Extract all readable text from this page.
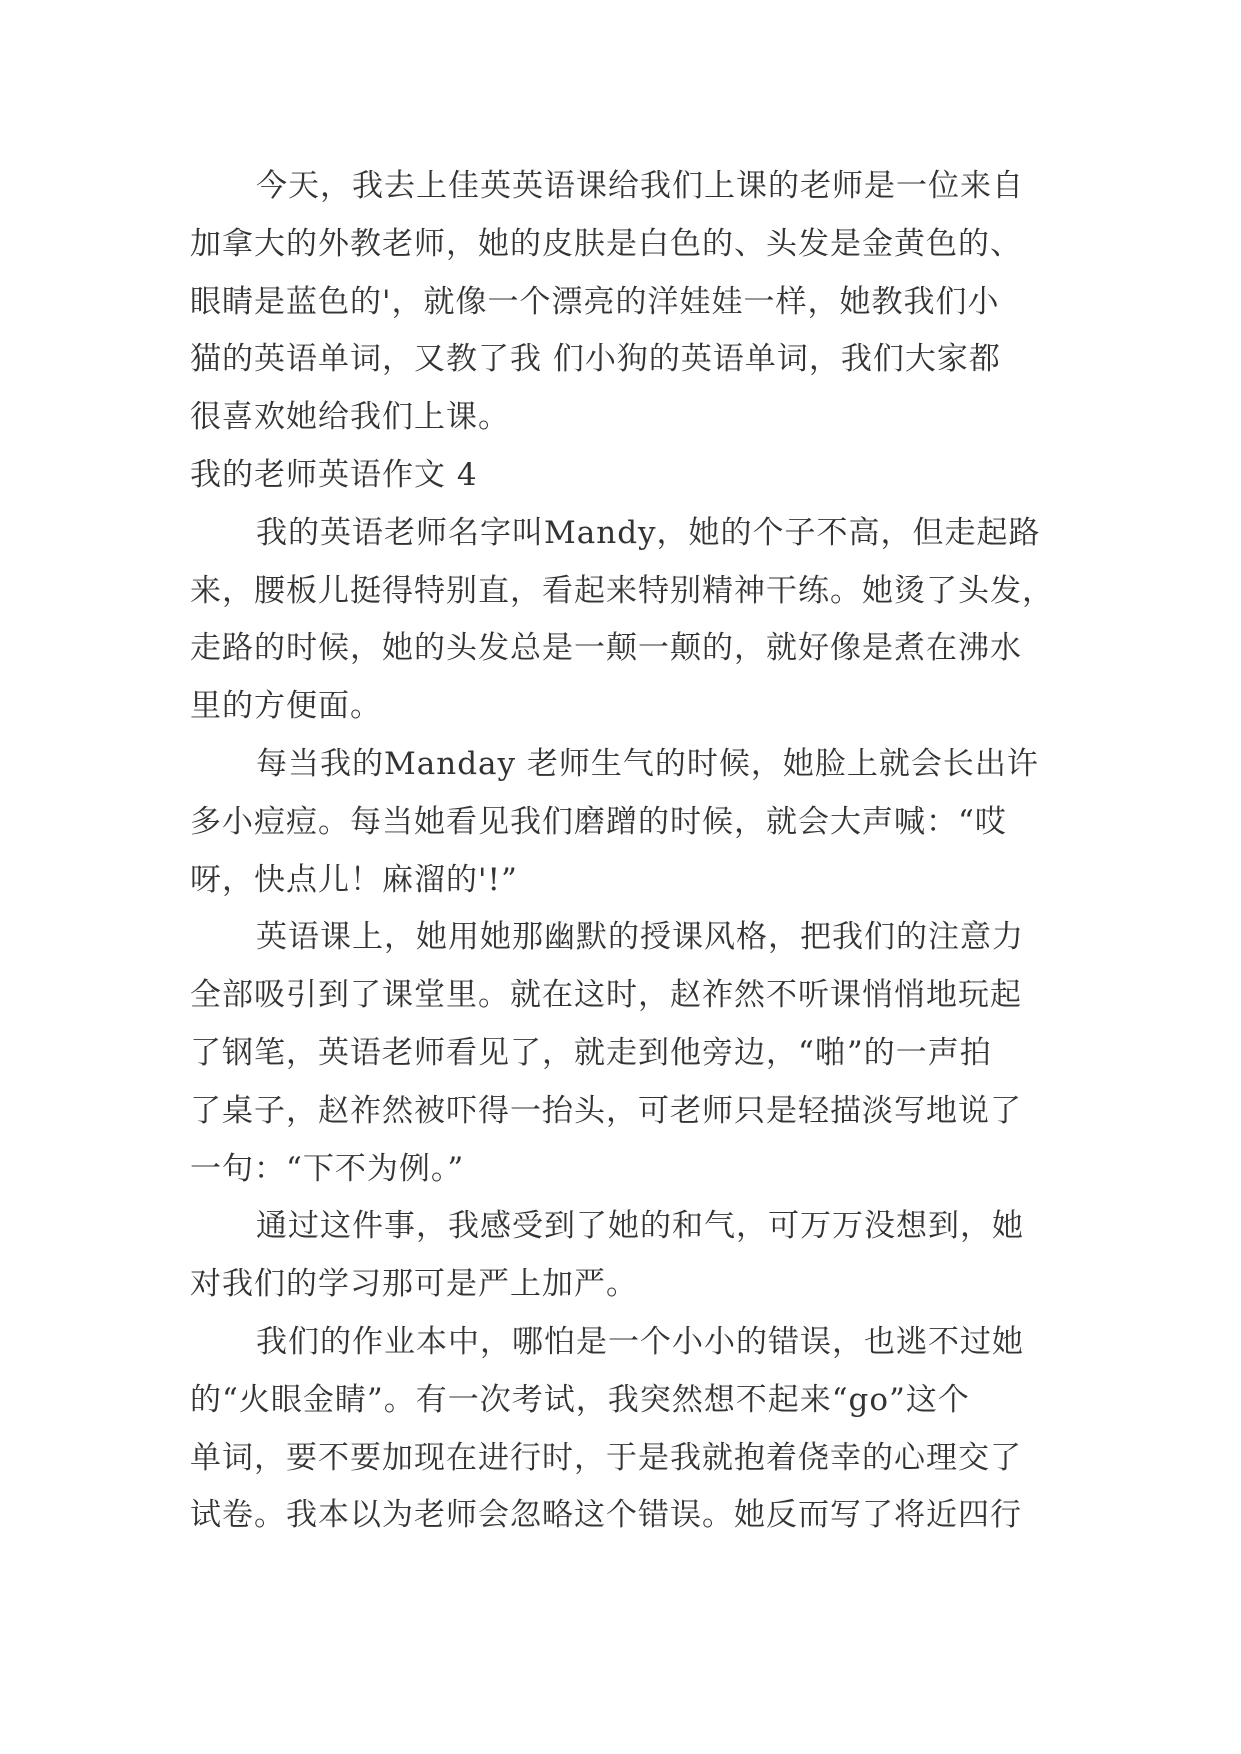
今天，我去上佳英英语课给我们上课的老师是一位来自
加拿大的外教老师，她的皮肤是白色的、头发是金黄色的、
眼睛是蓝色的'，就像一个漂亮的洋娃娃一样，她教我们小
猫的英语单词，又教了我 们小狗的英语单词，我们大家都
很喜欢她给我们上课。

我的老师英语作文 4

我的英语老师名字叫Mandy，她的个子不高，但走起路
来，腰板儿挺得特别直，看起来特别精神干练。她烫了头发，
走路的时候，她的头发总是一颠一颠的，就好像是煮在沸水
里的方便面。

每当我的Manday 老师生气的时候，她脸上就会长出许
多小痘痘。每当她看见我们磨蹭的时候，就会大声喊：“哎
呀，快点儿！麻溜的'!”

英语课上，她用她那幽默的授课风格，把我们的注意力
全部吸引到了课堂里。就在这时，赵祚然不听课悄悄地玩起
了钢笔，英语老师看见了，就走到他旁边，“啪”的一声拍
了桌子，赵祚然被吓得一抬头，可老师只是轻描淡写地说了
一句：“下不为例。”

通过这件事，我感受到了她的和气，可万万没想到，她
对我们的学习那可是严上加严。

我们的作业本中，哪怕是一个小小的错误，也逃不过她
的“火眼金睛”。有一次考试，我突然想不起来“go”这个
单词，要不要加现在进行时，于是我就抱着侥幸的心理交了
试卷。我本以为老师会忽略这个错误。她反而写了将近四行
